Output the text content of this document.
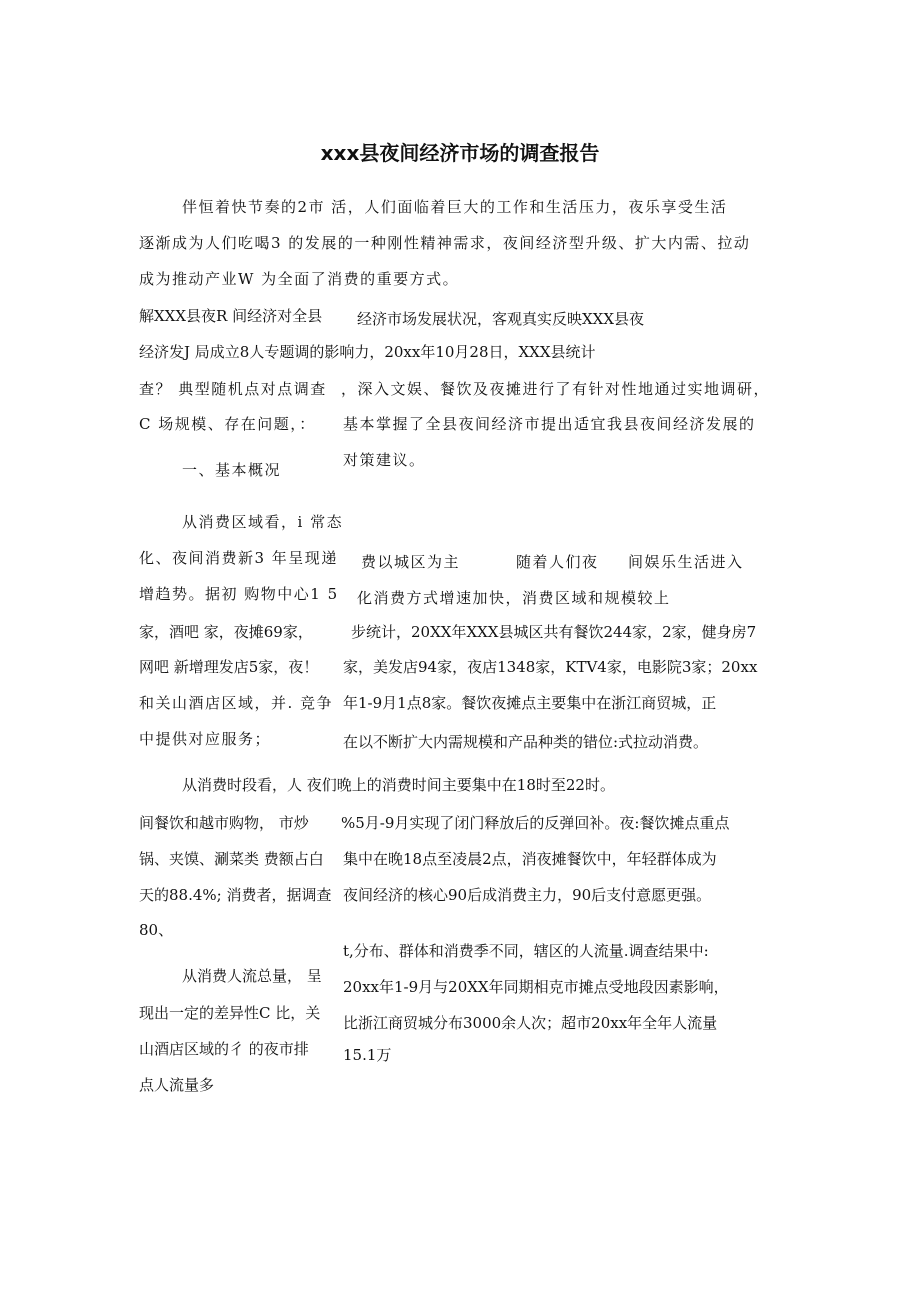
xxx县夜间经济市场的调查报告
伴恒着快节奏的2市 活，人们面临着巨大的工作和生活压力，夜乐享受生活
逐渐成为人们吃喝3 的发展的一种刚性精神需求，夜间经济型升级、扩大内需、拉动
成为推动产业W 为全面了消费的重要方式。
解XXX县夜R 间经济对全县 经济市场发展状况，客观真实反映XXX县夜
经济发J 局成立8人专题调的影响力，20xx年10月28日，XXX县统计
查？ 典型随机点对点调查 ，深入文娱、餐饮及夜摊进行了有针对性地通过实地调研，
C 场规模、存在问题，： 基本掌握了全县夜间经济市提出适宜我县夜间经济发展的
对策建议。
一、基本概况
从消费区域看，i 常态
化、夜间消费新3 年呈现递 费以城区为主	随着人们夜 间娱乐生活进入
增趋势。据初 购物中心1 5 化消费方式增速加快，消费区域和规模较上
家，酒吧 家，夜摊69家，	步统计，20XX年XXX县城区共有餐饮244家，2家，健身房7
网吧 新增理发店5家，夜！ 家，美发店94家，夜店1348家，KTV4家，电影院3家；20xx
和关山酒店区域，并. 竞争 年1-9月1点8家。餐饮夜摊点主要集中在浙江商贸城，正
中提供对应服务；	在以不断扩大内需规模和产品种类的错位:式拉动消费。
从消费时段看，人 夜们晚上的消费时间主要集中在18时至22时。
间餐饮和越市购物， 市炒 %5月-9月实现了闭门释放后的反弹回补。夜:餐饮摊点重点
锅、夹馍、涮菜类 费额占白 集中在晚18点至凌晨2点，消夜摊餐饮中，年轻群体成为
天的88.4%; 消费者，据调查 夜间经济的核心90后成消费主力，90后支付意愿更强。
80、
t,分布、群体和消费季不同，辖区的人流量.调查结果中:
从消费人流总量， 呈
20xx年1-9月与20XX年同期相克市摊点受地段因素影响，
现出一定的差异性C 比，关
比浙江商贸城分布3000余人次；超市20xx年全年人流量
山酒店区域的彳 的夜市排 15.1万
点人流量多
